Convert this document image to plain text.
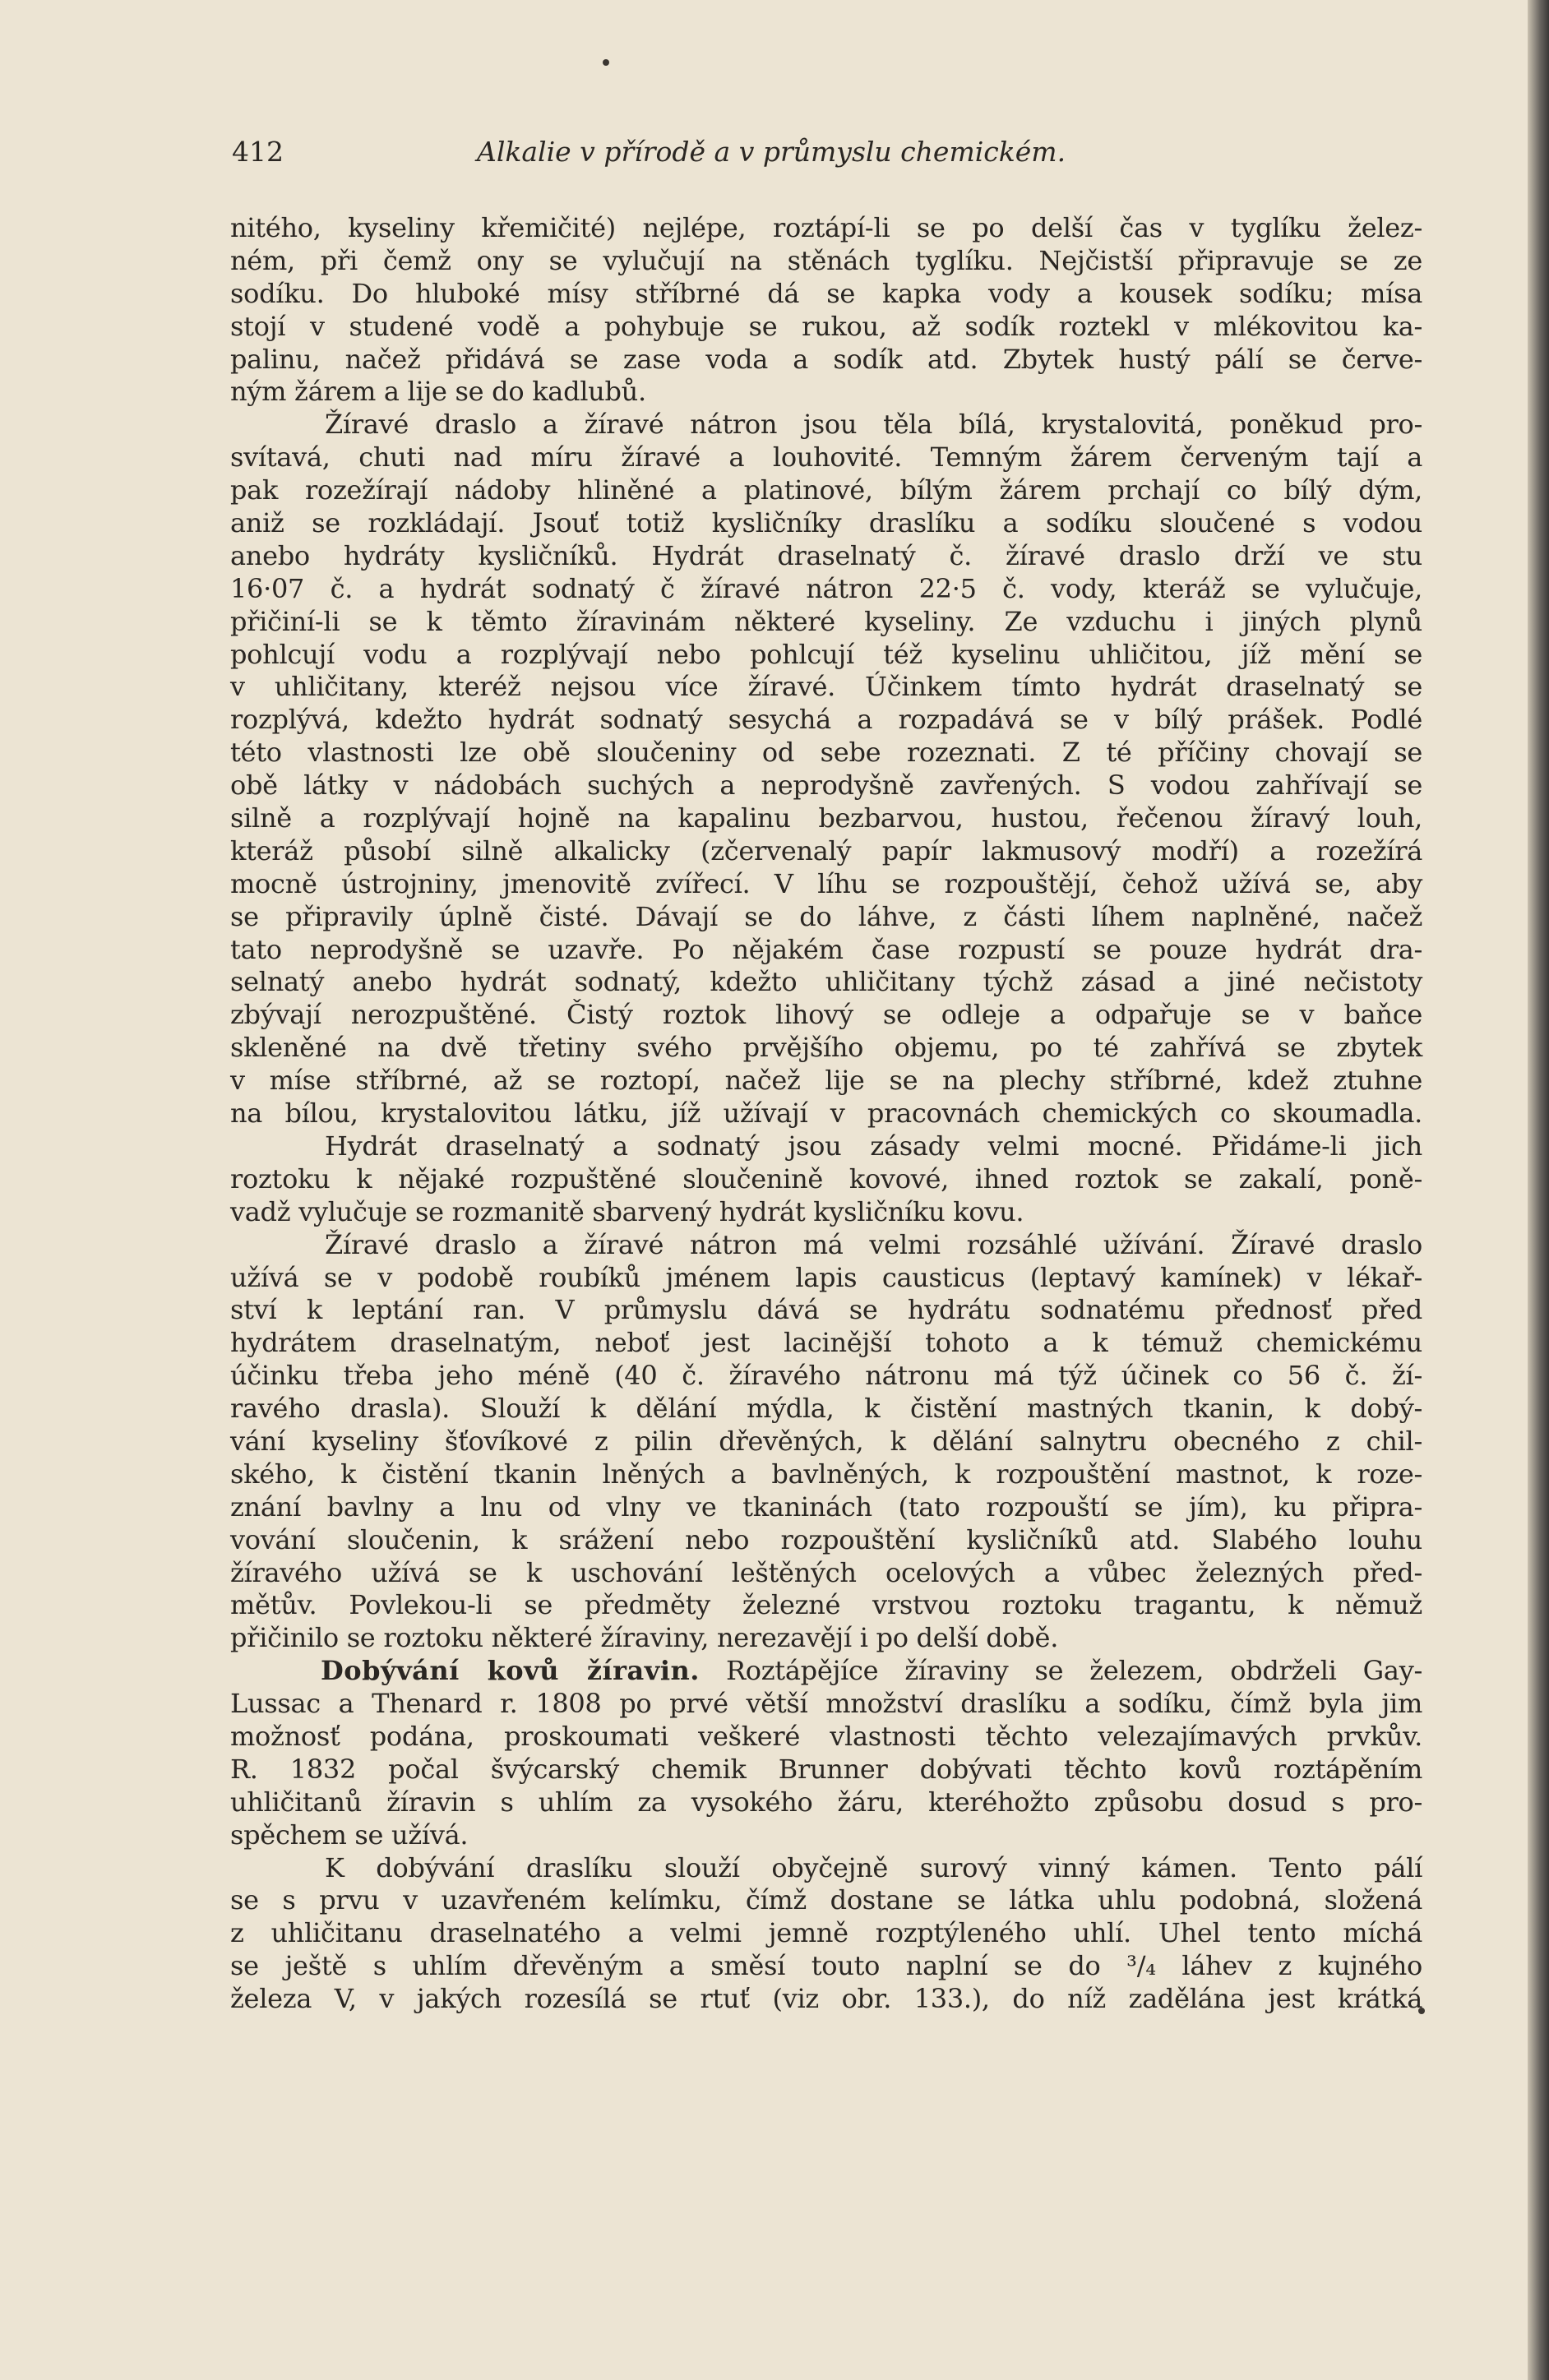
412	Alkalie v přírodě a v průmyslu chemickém.
nitého, kyseliny křemičité) nejlépe, roztápí-li se po delší čas v tyglíku želez-
ném, při čemž ony se vylučují na stěnách tyglíku. Nejčistší připravuje se ze
sodíku. Do hluboké mísy stříbrné dá se kapka vody a kousek sodíku; mísa
stojí v studené vodě a pohybuje se rukou, až sodík roztekl v mlékovitou ka-
palinu, načež přidává se zase voda a sodík atd. Zbytek hustý pálí se červe-
ným žárem a lije se do kadlubů.
Žíravé draslo a žíravé nátron jsou těla bílá, krystalovitá, poněkud pro-
svítavá, chuti nad míru žíravé a louhovité. Temným žárem červeným tají a
pak rozežírají nádoby hliněné a platinové, bílým žárem prchají co bílý dým,
aniž se rozkládají. Jsouť totiž kysličníky draslíku a sodíku sloučené s vodou
anebo hydráty kysličníků. Hydrát draselnatý č. žíravé draslo drží ve stu
16·07 č. a hydrát sodnatý č žíravé nátron 22·5 č. vody, kteráž se vylučuje,
přičiní-li se k těmto žíravinám některé kyseliny. Ze vzduchu i jiných plynů
pohlcují vodu a rozplývají nebo pohlcují též kyselinu uhličitou, jíž mění se
v uhličitany, kteréž nejsou více žíravé. Účinkem tímto hydrát draselnatý se
rozplývá, kdežto hydrát sodnatý sesychá a rozpadává se v bílý prášek. Podlé
této vlastnosti lze obě sloučeniny od sebe rozeznati. Z té příčiny chovají se
obě látky v nádobách suchých a neprodyšně zavřených. S vodou zahřívají se
silně a rozplývají hojně na kapalinu bezbarvou, hustou, řečenou žíravý louh,
kteráž působí silně alkalicky (zčervenalý papír lakmusový modří) a rozežírá
mocně ústrojniny, jmenovitě zvířecí. V líhu se rozpouštějí, čehož užívá se, aby
se připravily úplně čisté. Dávají se do láhve, z části líhem naplněné, načež
tato neprodyšně se uzavře. Po nějakém čase rozpustí se pouze hydrát dra-
selnatý anebo hydrát sodnatý, kdežto uhličitany týchž zásad a jiné nečistoty
zbývají nerozpuštěné. Čistý roztok lihový se odleje a odpařuje se v baňce
skleněné na dvě třetiny svého prvějšího objemu, po té zahřívá se zbytek
v míse stříbrné, až se roztopí, načež lije se na plechy stříbrné, kdež ztuhne
na bílou, krystalovitou látku, jíž užívají v pracovnách chemických co skoumadla.
Hydrát draselnatý a sodnatý jsou zásady velmi mocné. Přidáme-li jich
roztoku k nějaké rozpuštěné sloučenině kovové, ihned roztok se zakalí, poně-
vadž vylučuje se rozmanitě sbarvený hydrát kysličníku kovu.
Žíravé draslo a žíravé nátron má velmi rozsáhlé užívání. Žíravé draslo
užívá se v podobě roubíků jménem lapis causticus (leptavý kamínek) v lékař-
ství k leptání ran. V průmyslu dává se hydrátu sodnatému přednosť před
hydrátem draselnatým, neboť jest lacinější tohoto a k témuž chemickému
účinku třeba jeho méně (40 č. žíravého nátronu má týž účinek co 56 č. ží-
ravého drasla). Slouží k dělání mýdla, k čistění mastných tkanin, k dobý-
vání kyseliny šťovíkové z pilin dřevěných, k dělání salnytru obecného z chil-
ského, k čistění tkanin lněných a bavlněných, k rozpouštění mastnot, k roze-
znání bavlny a lnu od vlny ve tkaninách (tato rozpouští se jím), ku připra-
vování sloučenin, k srážení nebo rozpouštění kysličníků atd. Slabého louhu
žíravého užívá se k uschování leštěných ocelových a vůbec železných před-
mětův. Povlekou-li se předměty železné vrstvou roztoku tragantu, k němuž
přičinilo se roztoku některé žíraviny, nerezavějí i po delší době.
Dobývání kovů žíravin. Roztápějíce žíraviny se železem, obdrželi Gay-
Lussac a Thenard r. 1808 po prvé větší množství draslíku a sodíku, čímž byla jim
možnosť podána, proskoumati veškeré vlastnosti těchto velezajímavých prvkův.
R. 1832 počal švýcarský chemik Brunner dobývati těchto kovů roztápěním
uhličitanů žíravin s uhlím za vysokého žáru, kteréhožto způsobu dosud s pro-
spěchem se užívá.
K dobývání draslíku slouží obyčejně surový vinný kámen. Tento pálí
se s prvu v uzavřeném kelímku, čímž dostane se látka uhlu podobná, složená
z uhličitanu draselnatého a velmi jemně rozptýleného uhlí. Uhel tento míchá
se ještě s uhlím dřevěným a směsí touto naplní se do ³/₄ láhev z kujného
železa V, v jakých rozesílá se rtuť (viz obr. 133.), do níž zadělána jest krátká
